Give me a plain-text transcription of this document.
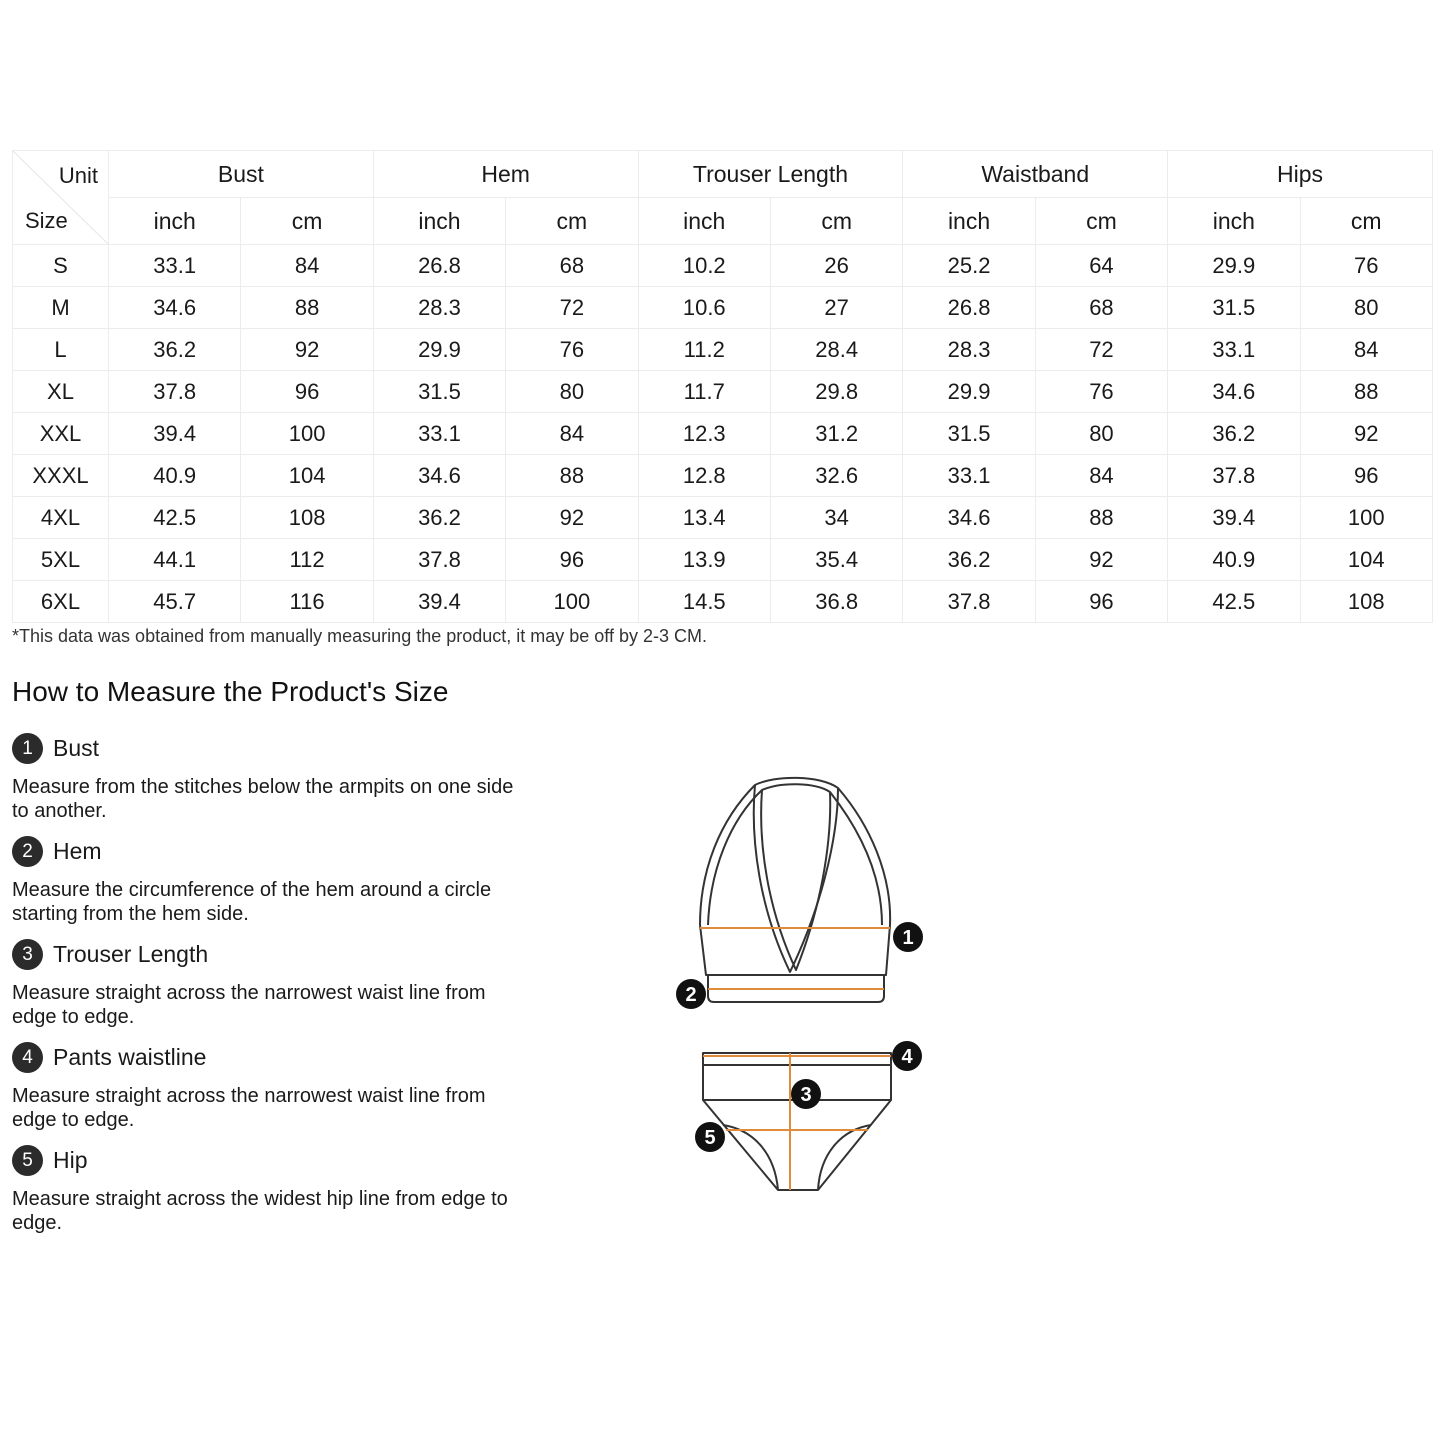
Unit
Size	Bust		Hem		Trouser Length		Waistband		Hips	
	inch	cm	inch	cm	inch	cm	inch	cm	inch	cm
S	33.1	84	26.8	68	10.2	26	25.2	64	29.9	76
M	34.6	88	28.3	72	10.6	27	26.8	68	31.5	80
L	36.2	92	29.9	76	11.2	28.4	28.3	72	33.1	84
XL	37.8	96	31.5	80	11.7	29.8	29.9	76	34.6	88
XXL	39.4	100	33.1	84	12.3	31.2	31.5	80	36.2	92
XXXL	40.9	104	34.6	88	12.8	32.6	33.1	84	37.8	96
4XL	42.5	108	36.2	92	13.4	34	34.6	88	39.4	100
5XL	44.1	112	37.8	96	13.9	35.4	36.2	92	40.9	104
6XL	45.7	116	39.4	100	14.5	36.8	37.8	96	42.5	108
*This data was obtained from manually measuring the product, it may be off by 2-3 CM.
How to Measure the Product's Size
1 Bust
Measure from the stitches below the armpits on one side to another.
2 Hem
Measure the circumference of the hem around a circle starting from the hem side.
3 Trouser Length
Measure straight across the narrowest waist line from edge to edge.
4 Pants waistline
Measure straight across the narrowest waist line from edge to edge.
5 Hip
Measure straight across the widest hip line from edge to edge.
1
2
3
4
5
